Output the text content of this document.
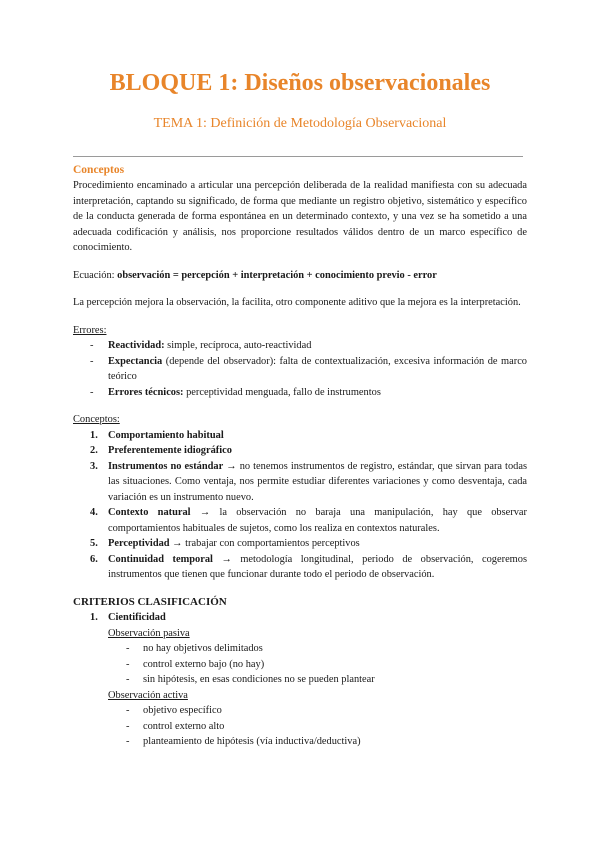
BLOQUE 1: Diseños observacionales
TEMA 1: Definición de Metodología Observacional
Conceptos

Procedimiento encaminado a articular una percepción deliberada de la realidad manifiesta con su adecuada interpretación, captando su significado, de forma que mediante un registro objetivo, sistemático y específico de la conducta generada de forma espontánea en un determinado contexto, y una vez se ha sometido a una adecuada codificación y análisis, nos proporcione resultados válidos dentro de un marco específico de conocimiento.

Ecuación: observación = percepción + interpretación + conocimiento previo - error

La percepción mejora la observación, la facilita, otro componente aditivo que la mejora es la interpretación.

Errores:
- Reactividad: simple, recíproca, auto-reactividad
- Expectancia (depende del observador): falta de contextualización, excesiva información de marco teórico
- Errores técnicos: perceptividad menguada, fallo de instrumentos
Conceptos:
1. Comportamiento habitual
2. Preferentemente idiográfico
3. Instrumentos no estándar → no tenemos instrumentos de registro, estándar, que sirvan para todas las situaciones. Como ventaja, nos permite estudiar diferentes variaciones y como desventaja, cada variación es un instrumento nuevo.
4. Contexto natural → la observación no baraja una manipulación, hay que observar comportamientos habituales de sujetos, como los realiza en contextos naturales.
5. Perceptividad → trabajar con comportamientos perceptivos
6. Continuidad temporal → metodología longitudinal, periodo de observación, cogeremos instrumentos que tienen que funcionar durante todo el periodo de observación.
CRITERIOS CLASIFICACIÓN
1. Cientificidad
Observación pasiva
- no hay objetivos delimitados
- control externo bajo (no hay)
- sin hipótesis, en esas condiciones no se pueden plantear
Observación activa
- objetivo específico
- control externo alto
- planteamiento de hipótesis (vía inductiva/deductiva)
